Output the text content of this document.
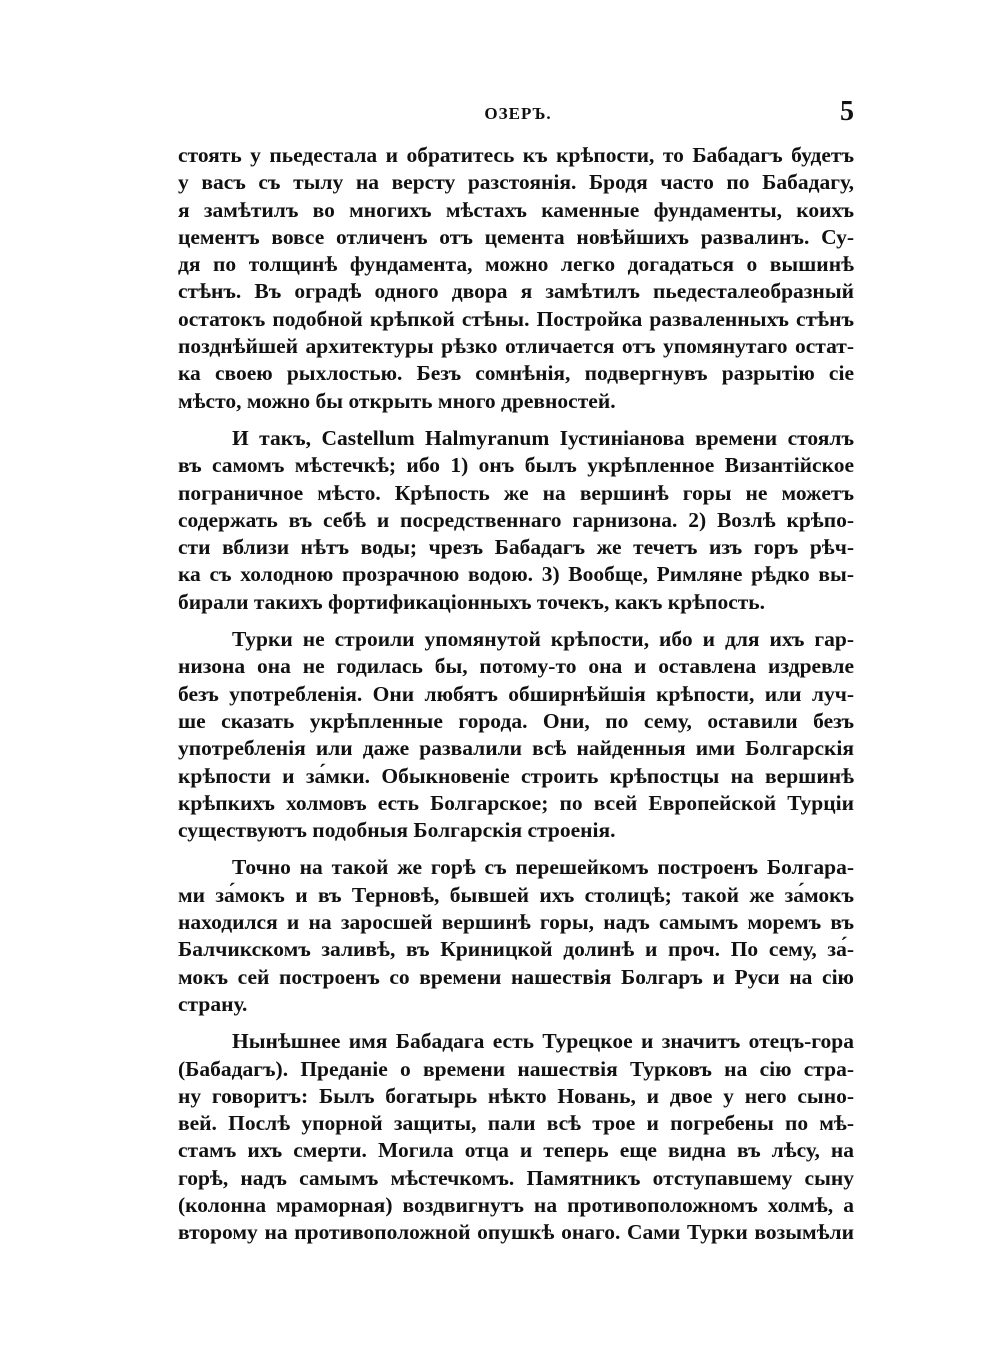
ОЗЕРЪ.	5
стоять у пьедестала и обратитесь къ крѣпости, то Бабадагъ будетъ
у васъ съ тылу на версту разстоянія. Бродя часто по Бабадагу,
я замѣтилъ во многихъ мѣстахъ каменные фундаменты, коихъ
цементъ вовсе отличенъ отъ цемента новѣйшихъ развалинъ. Су-
дя по толщинѣ фундамента, можно легко догадаться о вышинѣ
стѣнъ. Въ оградѣ одного двора я замѣтилъ пьедесталеобразный
остатокъ подобной крѣпкой стѣны. Постройка разваленныхъ стѣнъ
позднѣйшей архитектуры рѣзко отличается отъ упомянутаго остат-
ка своею рыхлостью. Безъ сомнѣнія, подвергнувъ разрытію сіе
мѣсто, можно бы открыть много древностей.
И такъ, Castellum Halmyranum Іустиніанова времени стоялъ
въ самомъ мѣстечкѣ; ибо 1) онъ былъ укрѣпленное Византійское
пограничное мѣсто. Крѣпость же на вершинѣ горы не можетъ
содержать въ себѣ и посредственнаго гарнизона. 2) Возлѣ крѣпо-
сти вблизи нѣтъ воды; чрезъ Бабадагъ же течетъ изъ горъ рѣч-
ка съ холодною прозрачною водою. 3) Вообще, Римляне рѣдко вы-
бирали такихъ фортификаціонныхъ точекъ, какъ крѣпость.
Турки не строили упомянутой крѣпости, ибо и для ихъ гар-
низона она не годилась бы, потому-то она и оставлена издревле
безъ употребленія. Они любятъ обширнѣйшія крѣпости, или луч-
ше сказать укрѣпленные города. Они, по сему, оставили безъ
употребленія или даже развалили всѣ найденныя ими Болгарскія
крѣпости и за́мки. Обыкновеніе строить крѣпостцы на вершинѣ
крѣпкихъ холмовъ есть Болгарское; по всей Европейской Турціи
существуютъ подобныя Болгарскія строенія.
Точно на такой же горѣ съ перешейкомъ построенъ Болгара-
ми за́мокъ и въ Терновѣ, бывшей ихъ столицѣ; такой же за́мокъ
находился и на заросшей вершинѣ горы, надъ самымъ моремъ въ
Балчикскомъ заливѣ, въ Криницкой долинѣ и проч. По сему, за́-
мокъ сей построенъ со времени нашествія Болгаръ и Руси на сію
страну.
Нынѣшнее имя Бабадага есть Турецкое и значитъ отецъ-гора
(Бабадагъ). Преданіе о времени нашествія Турковъ на сію стра-
ну говоритъ: Былъ богатырь нѣкто Новань, и двое у него сыно-
вей. Послѣ упорной защиты, пали всѣ трое и погребены по мѣ-
стамъ ихъ смерти. Могила отца и теперь еще видна въ лѣсу, на
горѣ, надъ самымъ мѣстечкомъ. Памятникъ отступавшему сыну
(колонна мраморная) воздвигнутъ на противоположномъ холмѣ, а
второму на противоположной опушкѣ онаго. Сами Турки возымѣли
